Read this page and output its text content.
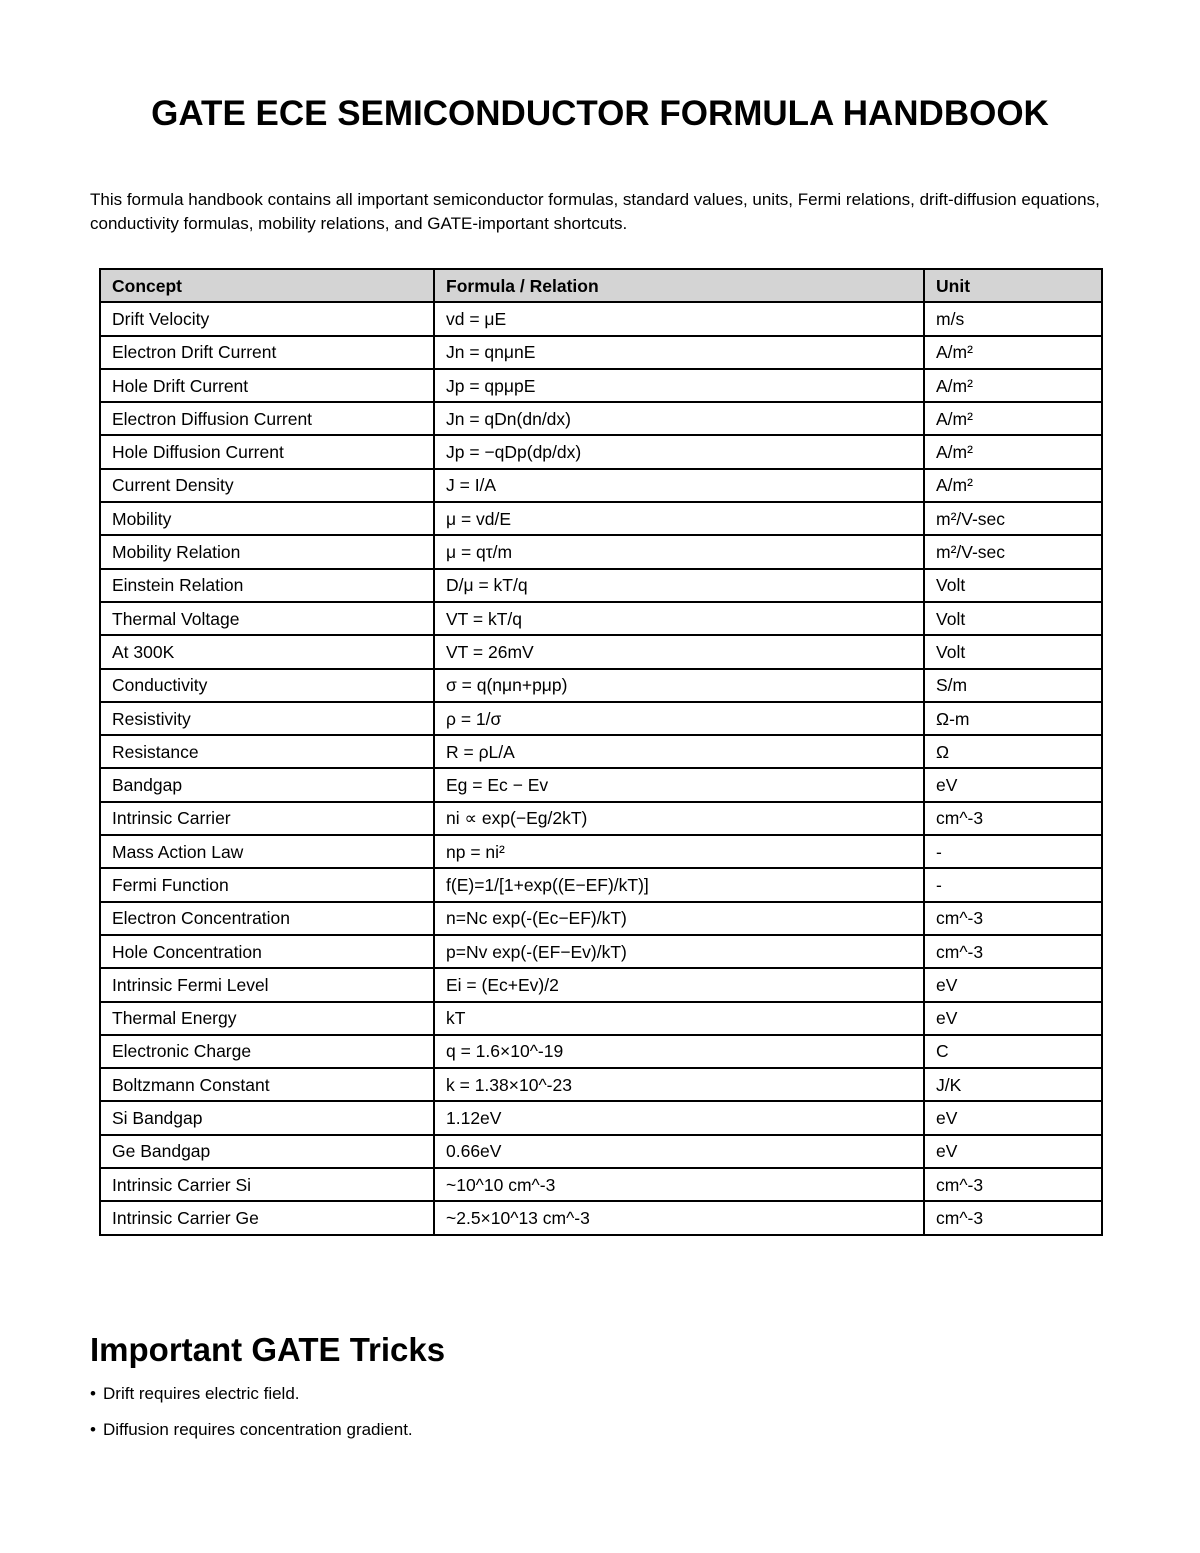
GATE ECE SEMICONDUCTOR FORMULA HANDBOOK

This formula handbook contains all important semiconductor formulas, standard values, units, Fermi relations, drift-diffusion equations, conductivity formulas, mobility relations, and GATE-important shortcuts.

Concept	Formula / Relation	Unit
Drift Velocity	vd = μE	m/s
Electron Drift Current	Jn = qnμnE	A/m²
Hole Drift Current	Jp = qpμpE	A/m²
Electron Diffusion Current	Jn = qDn(dn/dx)	A/m²
Hole Diffusion Current	Jp = −qDp(dp/dx)	A/m²
Current Density	J = I/A	A/m²
Mobility	μ = vd/E	m²/V-sec
Mobility Relation	μ = qτ/m	m²/V-sec
Einstein Relation	D/μ = kT/q	Volt
Thermal Voltage	VT = kT/q	Volt
At 300K	VT = 26mV	Volt
Conductivity	σ = q(nμn+pμp)	S/m
Resistivity	ρ = 1/σ	Ω-m
Resistance	R = ρL/A	Ω
Bandgap	Eg = Ec − Ev	eV
Intrinsic Carrier	ni ∝ exp(−Eg/2kT)	cm^-3
Mass Action Law	np = ni²	-
Fermi Function	f(E)=1/[1+exp((E−EF)/kT)]	-
Electron Concentration	n=Nc exp(-(Ec−EF)/kT)	cm^-3
Hole Concentration	p=Nv exp(-(EF−Ev)/kT)	cm^-3
Intrinsic Fermi Level	Ei = (Ec+Ev)/2	eV
Thermal Energy	kT	eV
Electronic Charge	q = 1.6×10^-19	C
Boltzmann Constant	k = 1.38×10^-23	J/K
Si Bandgap	1.12eV	eV
Ge Bandgap	0.66eV	eV
Intrinsic Carrier Si	~10^10 cm^-3	cm^-3
Intrinsic Carrier Ge	~2.5×10^13 cm^-3	cm^-3
Important GATE Tricks
• Drift requires electric field.
• Diffusion requires concentration gradient.
